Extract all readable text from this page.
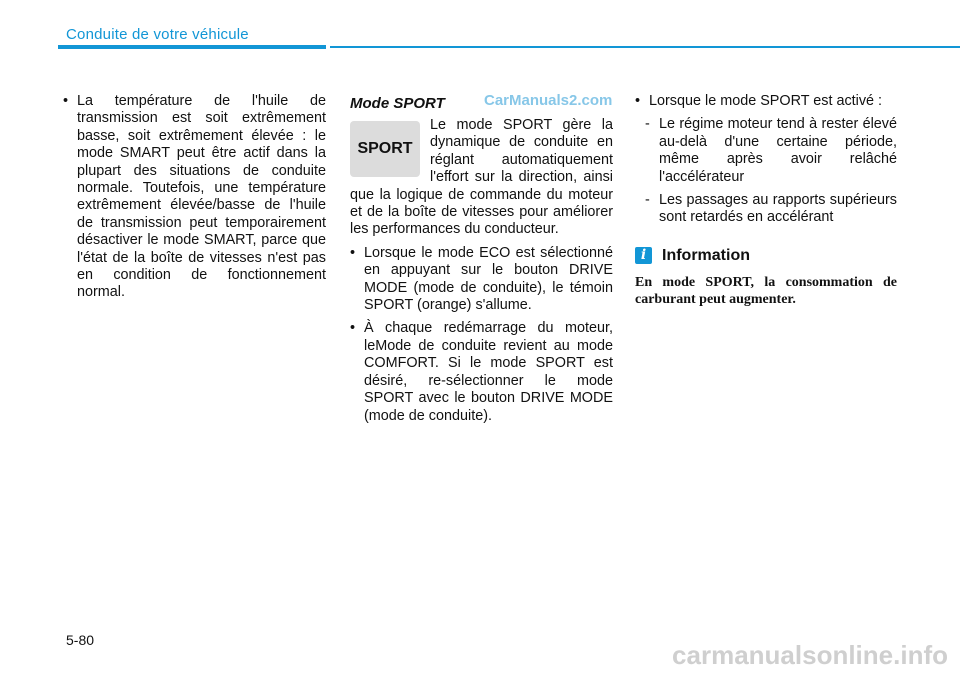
Conduite de votre véhicule
• La température de l'huile de transmission est soit extrêmement basse, soit extrêmement élevée : le mode SMART peut être actif dans la plupart des situations de conduite normale. Toutefois, une température extrêmement élevée/basse de l'huile de transmission peut temporairement désactiver le mode SMART, parce que l'état de la boîte de vitesses n'est pas en condition de fonctionnement normal.
CarManuals2.com
Mode SPORT
SPORT

Le mode SPORT gère la dynamique de conduite en réglant automatiquement l'effort sur la direction, ainsi que la logique de commande du moteur et de la boîte de vitesses pour améliorer les performances du conducteur.

• Lorsque le mode ECO est sélectionné en appuyant sur le bouton DRIVE MODE (mode de conduite), le témoin SPORT (orange) s'allume.
• À chaque redémarrage du moteur, leMode de conduite revient au mode COMFORT. Si le mode SPORT est désiré, re-sélectionner le mode SPORT avec le bouton DRIVE MODE (mode de conduite).
• Lorsque le mode SPORT est activé :
- Le régime moteur tend à rester élevé au-delà d'une certaine période, même après avoir relâché l'accélérateur
- Les passages au rapports supérieurs sont retardés en accélérant
i Information

En mode SPORT, la consommation de carburant peut augmenter.

5-80	carmanualsonline.info
